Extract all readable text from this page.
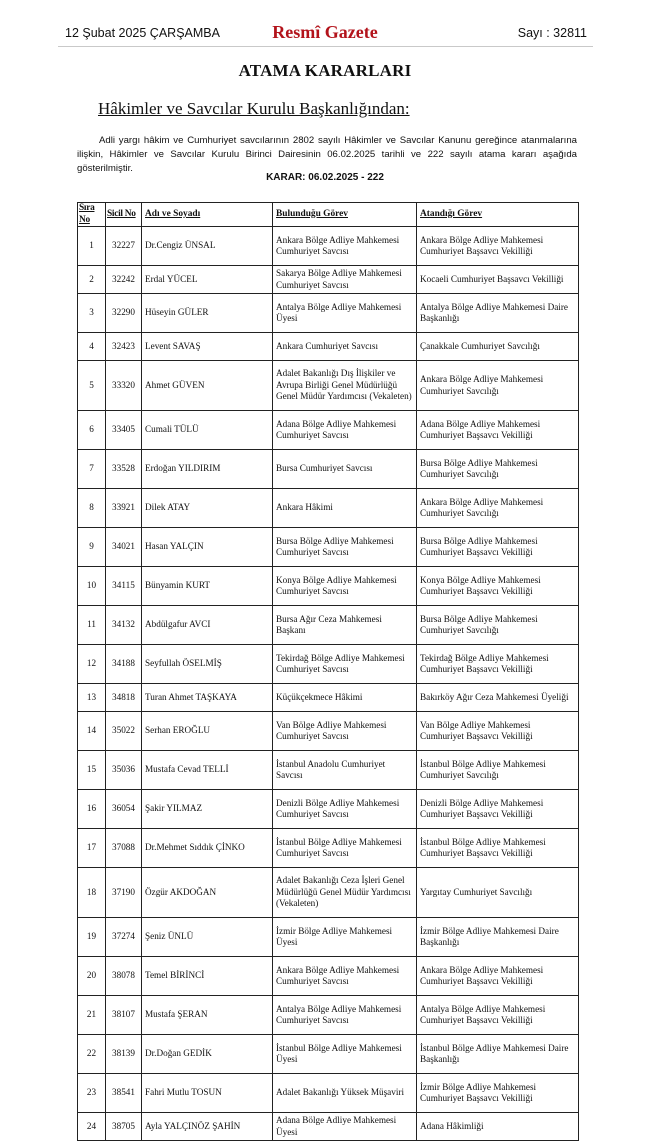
12 Şubat 2025 ÇARŞAMBA	Resmî Gazete	Sayı : 32811
ATAMA KARARLARI
Hâkimler ve Savcılar Kurulu Başkanlığından:
Adli yargı hâkim ve Cumhuriyet savcılarının 2802 sayılı Hâkimler ve Savcılar Kanunu gereğince atanmalarına ilişkin, Hâkimler ve Savcılar Kurulu Birinci Dairesinin 06.02.2025 tarihli ve 222 sayılı atama kararı aşağıda gösterilmiştir.
KARAR: 06.02.2025 - 222
Sıra No	Sicil No	Adı ve Soyadı	Bulunduğu Görev	Atandığı Görev
1	32227	Dr.Cengiz ÜNSAL	Ankara Bölge Adliye Mahkemesi Cumhuriyet Savcısı	Ankara Bölge Adliye Mahkemesi Cumhuriyet Başsavcı Vekilliği
2	32242	Erdal YÜCEL	Sakarya Bölge Adliye Mahkemesi Cumhuriyet Savcısı	Kocaeli Cumhuriyet Başsavcı Vekilliği
3	32290	Hüseyin GÜLER	Antalya Bölge Adliye Mahkemesi Üyesi	Antalya Bölge Adliye Mahkemesi Daire Başkanlığı
4	32423	Levent SAVAŞ	Ankara Cumhuriyet Savcısı	Çanakkale Cumhuriyet Savcılığı
5	33320	Ahmet GÜVEN	Adalet Bakanlığı Dış İlişkiler ve Avrupa Birliği Genel Müdürlüğü Genel Müdür Yardımcısı (Vekaleten)	Ankara Bölge Adliye Mahkemesi Cumhuriyet Savcılığı
6	33405	Cumali TÜLÜ	Adana Bölge Adliye Mahkemesi Cumhuriyet Savcısı	Adana Bölge Adliye Mahkemesi Cumhuriyet Başsavcı Vekilliği
7	33528	Erdoğan YILDIRIM	Bursa Cumhuriyet Savcısı	Bursa Bölge Adliye Mahkemesi Cumhuriyet Savcılığı
8	33921	Dilek ATAY	Ankara Hâkimi	Ankara Bölge Adliye Mahkemesi Cumhuriyet Savcılığı
9	34021	Hasan YALÇIN	Bursa Bölge Adliye Mahkemesi Cumhuriyet Savcısı	Bursa Bölge Adliye Mahkemesi Cumhuriyet Başsavcı Vekilliği
10	34115	Bünyamin KURT	Konya Bölge Adliye Mahkemesi Cumhuriyet Savcısı	Konya Bölge Adliye Mahkemesi Cumhuriyet Başsavcı Vekilliği
11	34132	Abdülgafur AVCI	Bursa Ağır Ceza Mahkemesi Başkanı	Bursa Bölge Adliye Mahkemesi Cumhuriyet Savcılığı
12	34188	Seyfullah ÖSELMİŞ	Tekirdağ Bölge Adliye Mahkemesi Cumhuriyet Savcısı	Tekirdağ Bölge Adliye Mahkemesi Cumhuriyet Başsavcı Vekilliği
13	34818	Turan Ahmet TAŞKAYA	Küçükçekmece Hâkimi	Bakırköy Ağır Ceza Mahkemesi Üyeliği
14	35022	Serhan EROĞLU	Van Bölge Adliye Mahkemesi Cumhuriyet Savcısı	Van Bölge Adliye Mahkemesi Cumhuriyet Başsavcı Vekilliği
15	35036	Mustafa Cevad TELLİ	İstanbul Anadolu Cumhuriyet Savcısı	İstanbul Bölge Adliye Mahkemesi Cumhuriyet Savcılığı
16	36054	Şakir YILMAZ	Denizli Bölge Adliye Mahkemesi Cumhuriyet Savcısı	Denizli Bölge Adliye Mahkemesi Cumhuriyet Başsavcı Vekilliği
17	37088	Dr.Mehmet Sıddık ÇİNKO	İstanbul Bölge Adliye Mahkemesi Cumhuriyet Savcısı	İstanbul Bölge Adliye Mahkemesi Cumhuriyet Başsavcı Vekilliği
18	37190	Özgür AKDOĞAN	Adalet Bakanlığı Ceza İşleri Genel Müdürlüğü Genel Müdür Yardımcısı (Vekaleten)	Yargıtay Cumhuriyet Savcılığı
19	37274	Şeniz ÜNLÜ	İzmir Bölge Adliye Mahkemesi Üyesi	İzmir Bölge Adliye Mahkemesi Daire Başkanlığı
20	38078	Temel BİRİNCİ	Ankara Bölge Adliye Mahkemesi Cumhuriyet Savcısı	Ankara Bölge Adliye Mahkemesi Cumhuriyet Başsavcı Vekilliği
21	38107	Mustafa ŞERAN	Antalya Bölge Adliye Mahkemesi Cumhuriyet Savcısı	Antalya Bölge Adliye Mahkemesi Cumhuriyet Başsavcı Vekilliği
22	38139	Dr.Doğan GEDİK	İstanbul Bölge Adliye Mahkemesi Üyesi	İstanbul Bölge Adliye Mahkemesi Daire Başkanlığı
23	38541	Fahri Mutlu TOSUN	Adalet Bakanlığı Yüksek Müşaviri	İzmir Bölge Adliye Mahkemesi Cumhuriyet Başsavcı Vekilliği
24	38705	Ayla YALÇINÖZ ŞAHİN	Adana Bölge Adliye Mahkemesi Üyesi	Adana Hâkimliği
